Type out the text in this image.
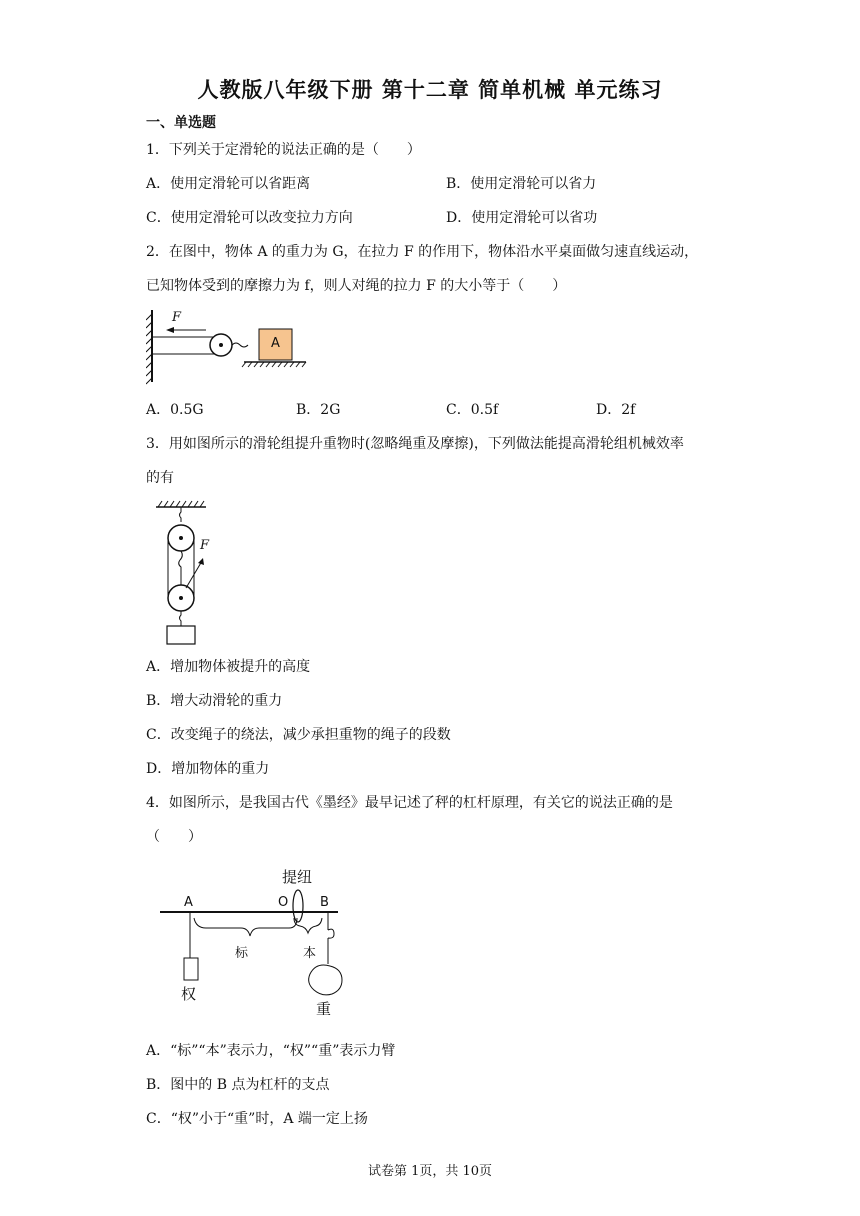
人教版八年级下册 第十二章 简单机械 单元练习
一、单选题
1．下列关于定滑轮的说法正确的是（　　）
A．使用定滑轮可以省距离	B．使用定滑轮可以省力
C．使用定滑轮可以改变拉力方向	D．使用定滑轮可以省功
2．在图中，物体 A 的重力为 G，在拉力 F 的作用下，物体沿水平桌面做匀速直线运动，
已知物体受到的摩擦力为 f，则人对绳的拉力 F 的大小等于（　　）
F
A
A．0.5G	B．2G	C．0.5f	D．2f
3．用如图所示的滑轮组提升重物时(忽略绳重及摩擦)，下列做法能提高滑轮组机械效率
的有
F
A．增加物体被提升的高度
B．增大动滑轮的重力
C．改变绳子的绕法，减少承担重物的绳子的段数
D．增加物体的重力
4．如图所示，是我国古代《墨经》最早记述了秤的杠杆原理，有关它的说法正确的是
（　　）
提纽
A	O B
标	本
权
重
A．“标”“本”表示力，“权”“重”表示力臂
B．图中的 B 点为杠杆的支点
C．“权”小于“重”时，A 端一定上扬
试卷第 1页，共 10页
